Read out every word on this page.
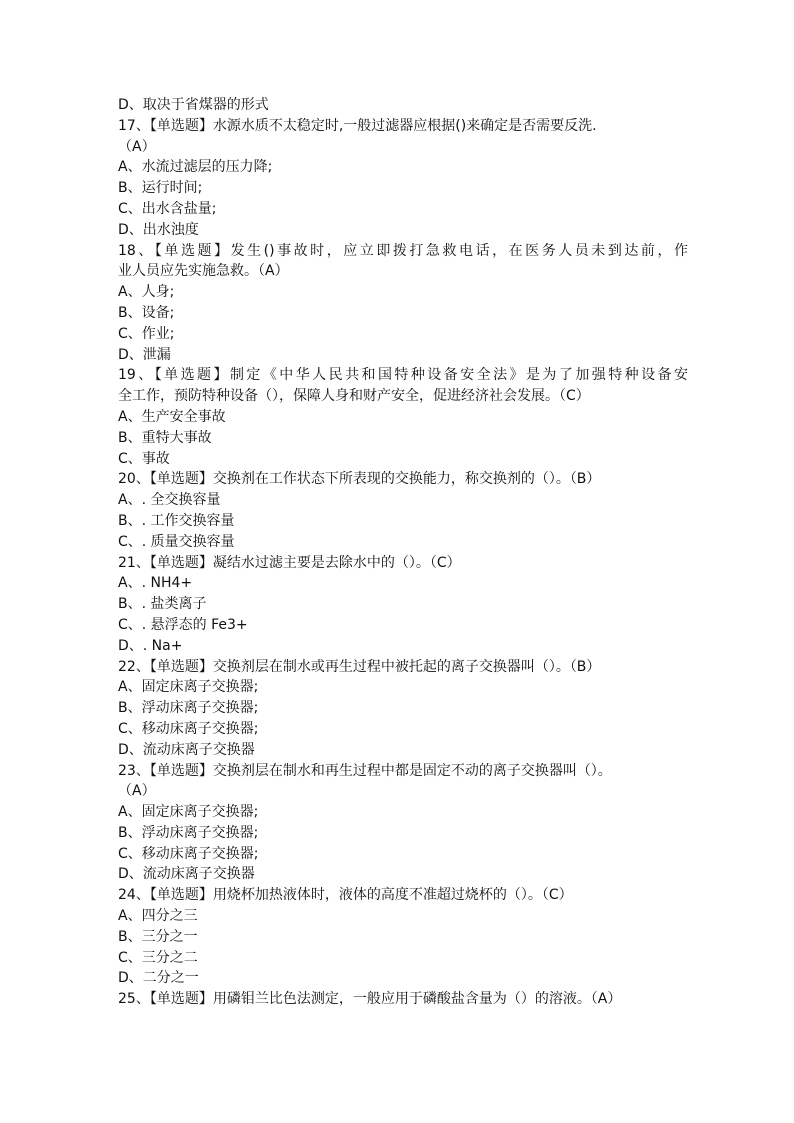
D、取决于省煤器的形式
17、【单选题】水源水质不太稳定时,一般过滤器应根据()来确定是否需要反洗.
（A）
A、水流过滤层的压力降;
B、运行时间;
C、出水含盐量;
D、出水浊度
18、【单选题】发生()事故时，应立即拨打急救电话，在医务人员未到达前，作
业人员应先实施急救。（A）
A、人身;
B、设备;
C、作业;
D、泄漏
19、【单选题】制定《中华人民共和国特种设备安全法》是为了加强特种设备安
全工作，预防特种设备（），保障人身和财产安全，促进经济社会发展。（C）
A、生产安全事故
B、重特大事故
C、事故
20、【单选题】交换剂在工作状态下所表现的交换能力，称交换剂的（）。（B）
A、. 全交换容量
B、. 工作交换容量
C、. 质量交换容量
21、【单选题】凝结水过滤主要是去除水中的（）。（C）
A、. NH4+
B、. 盐类离子
C、. 悬浮态的 Fe3+
D、. Na+
22、【单选题】交换剂层在制水或再生过程中被托起的离子交换器叫（）。（B）
A、固定床离子交换器;
B、浮动床离子交换器;
C、移动床离子交换器;
D、流动床离子交换器
23、【单选题】交换剂层在制水和再生过程中都是固定不动的离子交换器叫（）。
（A）
A、固定床离子交换器;
B、浮动床离子交换器;
C、移动床离子交换器;
D、流动床离子交换器
24、【单选题】用烧杯加热液体时，液体的高度不准超过烧杯的（）。（C）
A、四分之三
B、三分之一
C、三分之二
D、二分之一
25、【单选题】用磷钼兰比色法测定，一般应用于磷酸盐含量为（）的溶液。（A）
